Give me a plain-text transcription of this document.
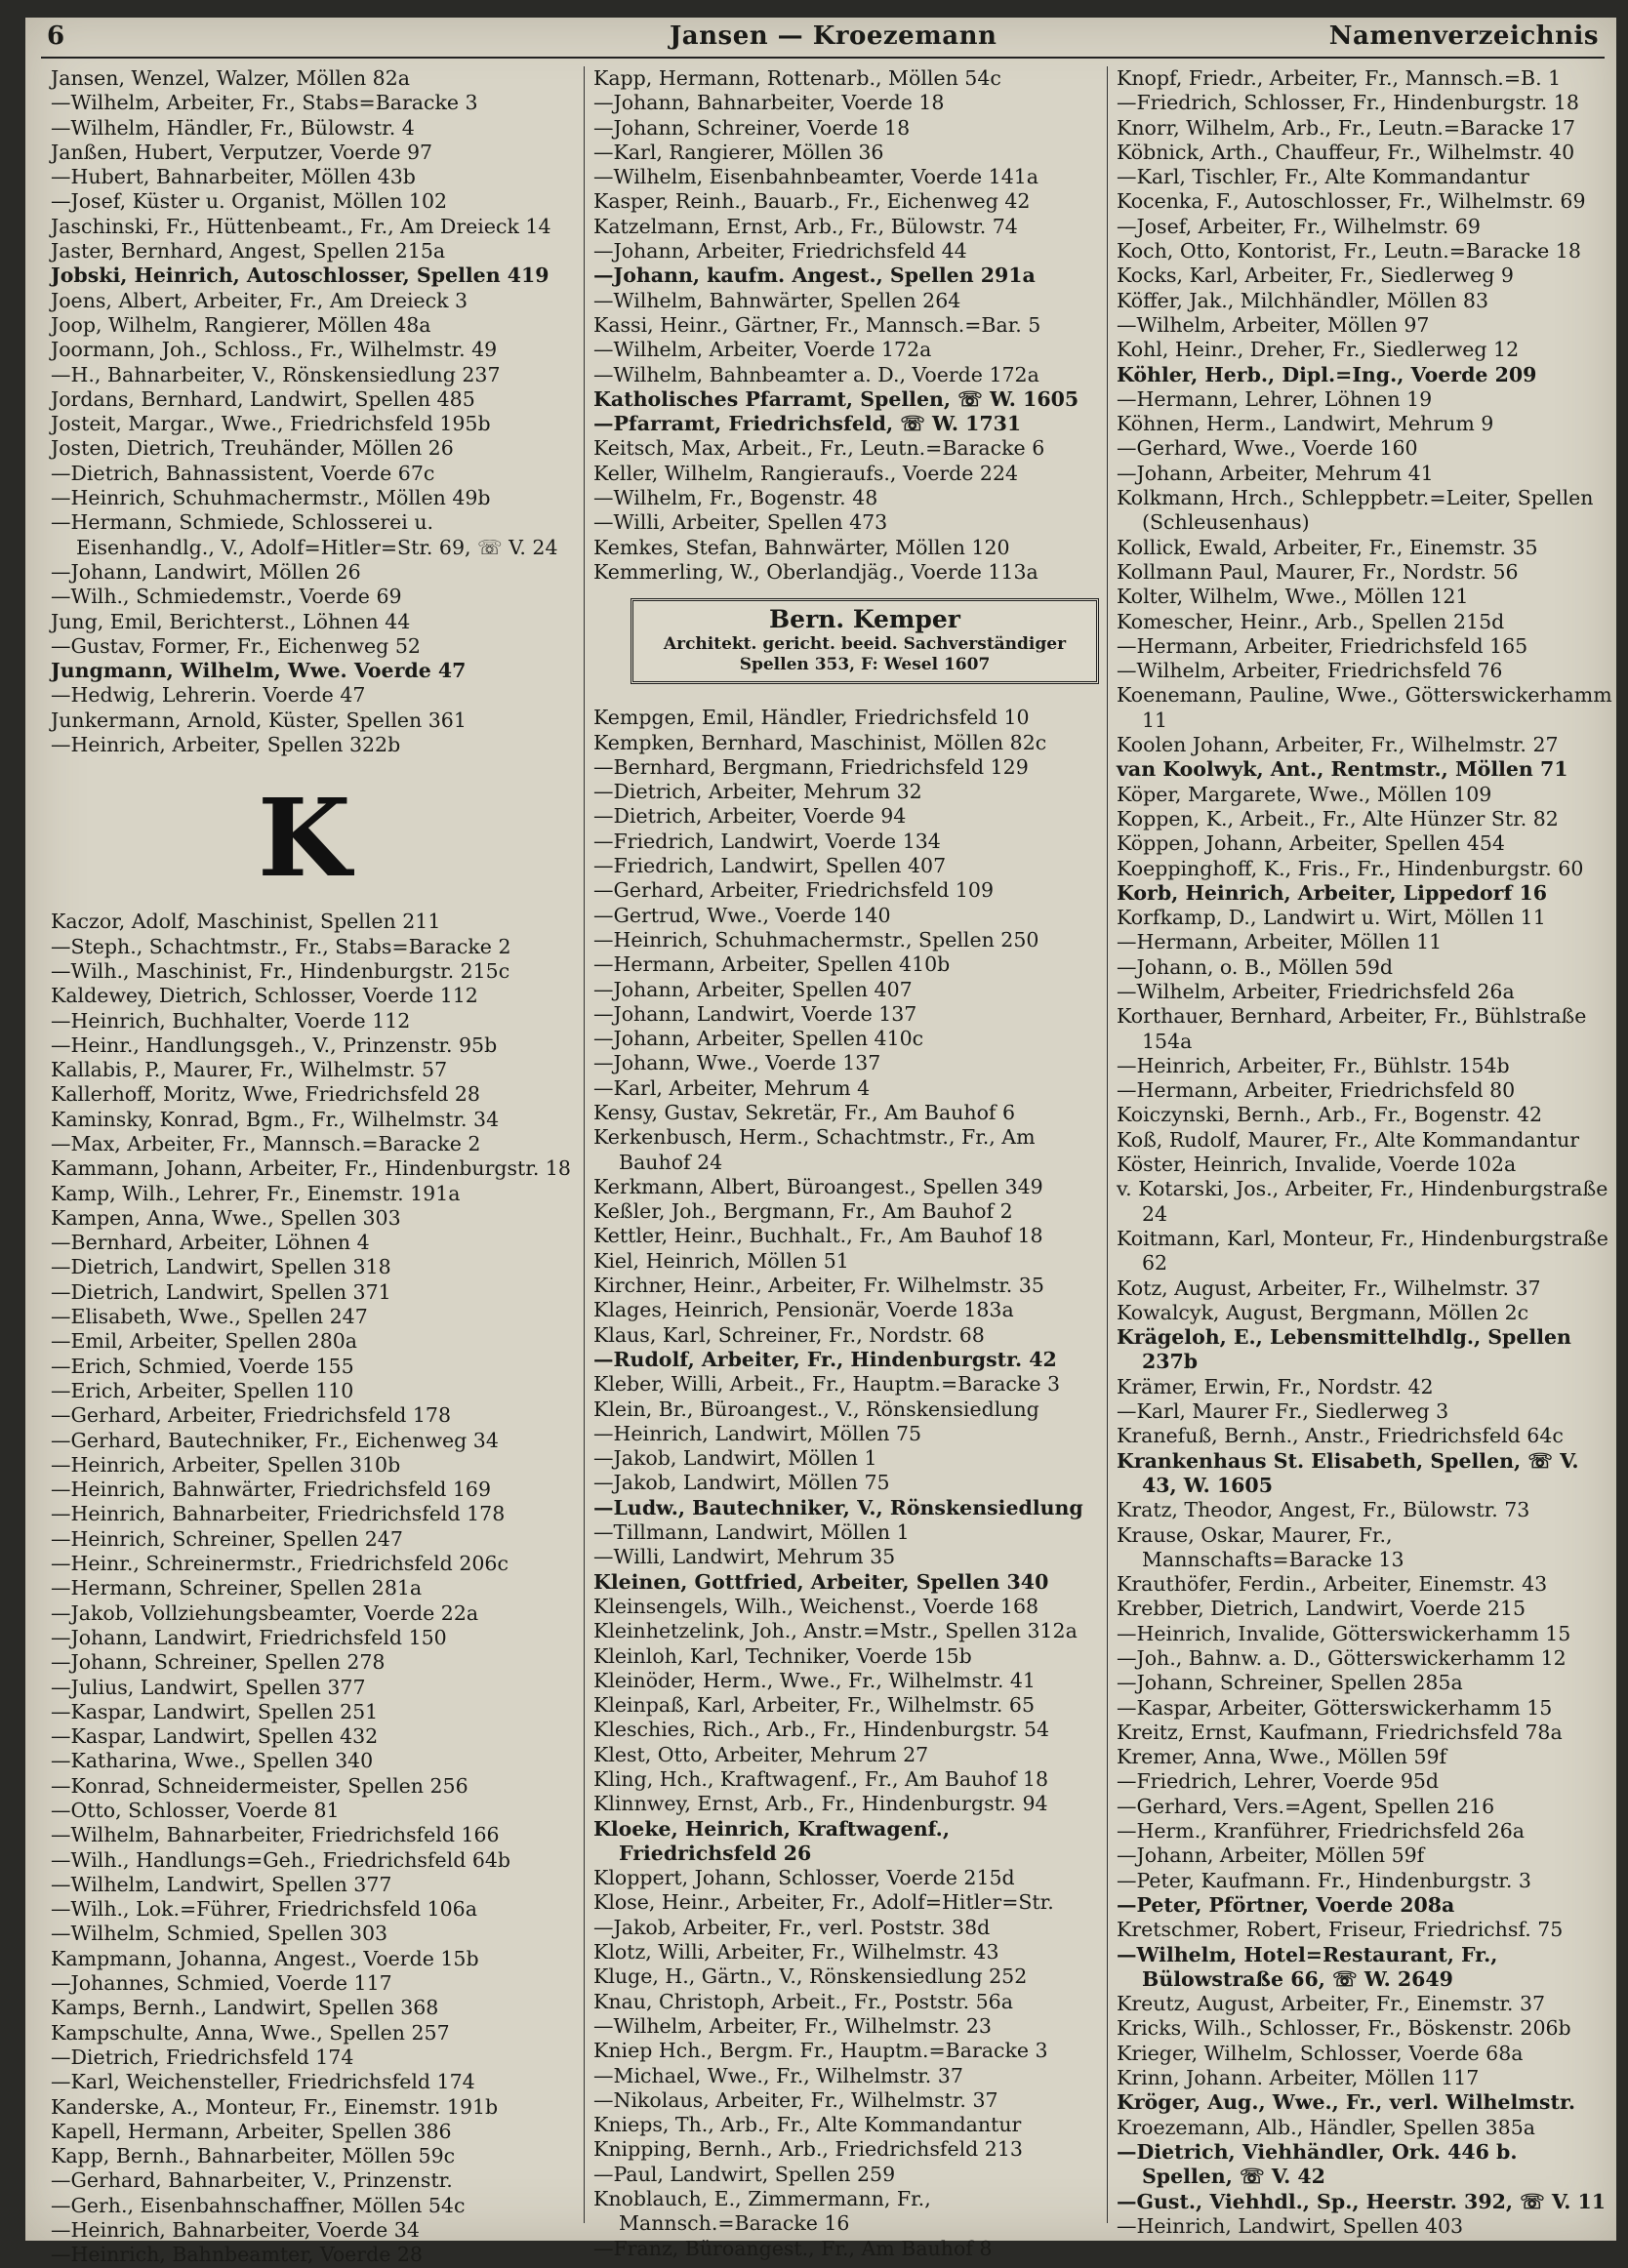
6	Jansen — Kroezemann	Namenverzeichnis
Jansen, Wenzel, Walzer, Möllen 82a
—Wilhelm, Arbeiter, Fr., Stabs=Baracke 3
—Wilhelm, Händler, Fr., Bülowstr. 4
Janßen, Hubert, Verputzer, Voerde 97
—Hubert, Bahnarbeiter, Möllen 43b
—Josef, Küster u. Organist, Möllen 102
Jaschinski, Fr., Hüttenbeamt., Fr., Am Dreieck 14
Jaster, Bernhard, Angest, Spellen 215a
Jobski, Heinrich, Autoschlosser, Spellen 419
Joens, Albert, Arbeiter, Fr., Am Dreieck 3
Joop, Wilhelm, Rangierer, Möllen 48a
Joormann, Joh., Schloss., Fr., Wilhelmstr. 49
—H., Bahnarbeiter, V., Rönskensiedlung 237
Jordans, Bernhard, Landwirt, Spellen 485
Josteit, Margar., Wwe., Friedrichsfeld 195b
Josten, Dietrich, Treuhänder, Möllen 26
—Dietrich, Bahnassistent, Voerde 67c
—Heinrich, Schuhmachermstr., Möllen 49b
—Hermann, Schmiede, Schlosserei u. Eisenhandlg., V., Adolf=Hitler=Str. 69, ☏ V. 24
—Johann, Landwirt, Möllen 26
—Wilh., Schmiedemstr., Voerde 69
Jung, Emil, Berichterst., Löhnen 44
—Gustav, Former, Fr., Eichenweg 52
Jungmann, Wilhelm, Wwe. Voerde 47
—Hedwig, Lehrerin. Voerde 47
Junkermann, Arnold, Küster, Spellen 361
—Heinrich, Arbeiter, Spellen 322b
K
Kaczor, Adolf, Maschinist, Spellen 211
—Steph., Schachtmstr., Fr., Stabs=Baracke 2
—Wilh., Maschinist, Fr., Hindenburgstr. 215c
Kaldewey, Dietrich, Schlosser, Voerde 112
—Heinrich, Buchhalter, Voerde 112
—Heinr., Handlungsgeh., V., Prinzenstr. 95b
Kallabis, P., Maurer, Fr., Wilhelmstr. 57
Kallerhoff, Moritz, Wwe, Friedrichsfeld 28
Kaminsky, Konrad, Bgm., Fr., Wilhelmstr. 34
—Max, Arbeiter, Fr., Mannsch.=Baracke 2
Kammann, Johann, Arbeiter, Fr., Hindenburgstr. 18
Kamp, Wilh., Lehrer, Fr., Einemstr. 191a
Kampen, Anna, Wwe., Spellen 303
—Bernhard, Arbeiter, Löhnen 4
—Dietrich, Landwirt, Spellen 318
—Dietrich, Landwirt, Spellen 371
—Elisabeth, Wwe., Spellen 247
—Emil, Arbeiter, Spellen 280a
—Erich, Schmied, Voerde 155
—Erich, Arbeiter, Spellen 110
—Gerhard, Arbeiter, Friedrichsfeld 178
—Gerhard, Bautechniker, Fr., Eichenweg 34
—Heinrich, Arbeiter, Spellen 310b
—Heinrich, Bahnwärter, Friedrichsfeld 169
—Heinrich, Bahnarbeiter, Friedrichsfeld 178
—Heinrich, Schreiner, Spellen 247
—Heinr., Schreinermstr., Friedrichsfeld 206c
—Hermann, Schreiner, Spellen 281a
—Jakob, Vollziehungsbeamter, Voerde 22a
—Johann, Landwirt, Friedrichsfeld 150
—Johann, Schreiner, Spellen 278
—Julius, Landwirt, Spellen 377
—Kaspar, Landwirt, Spellen 251
—Kaspar, Landwirt, Spellen 432
—Katharina, Wwe., Spellen 340
—Konrad, Schneidermeister, Spellen 256
—Otto, Schlosser, Voerde 81
—Wilhelm, Bahnarbeiter, Friedrichsfeld 166
—Wilh., Handlungs=Geh., Friedrichsfeld 64b
—Wilhelm, Landwirt, Spellen 377
—Wilh., Lok.=Führer, Friedrichsfeld 106a
—Wilhelm, Schmied, Spellen 303
Kampmann, Johanna, Angest., Voerde 15b
—Johannes, Schmied, Voerde 117
Kamps, Bernh., Landwirt, Spellen 368
Kampschulte, Anna, Wwe., Spellen 257
—Dietrich, Friedrichsfeld 174
—Karl, Weichensteller, Friedrichsfeld 174
Kanderske, A., Monteur, Fr., Einemstr. 191b
Kapell, Hermann, Arbeiter, Spellen 386
Kapp, Bernh., Bahnarbeiter, Möllen 59c
—Gerhard, Bahnarbeiter, V., Prinzenstr.
—Gerh., Eisenbahnschaffner, Möllen 54c
—Heinrich, Bahnarbeiter, Voerde 34
—Heinrich, Bahnbeamter, Voerde 28
Kapp, Hermann, Rottenarb., Möllen 54c
—Johann, Bahnarbeiter, Voerde 18
—Johann, Schreiner, Voerde 18
—Karl, Rangierer, Möllen 36
—Wilhelm, Eisenbahnbeamter, Voerde 141a
Kasper, Reinh., Bauarb., Fr., Eichenweg 42
Katzelmann, Ernst, Arb., Fr., Bülowstr. 74
—Johann, Arbeiter, Friedrichsfeld 44
—Johann, kaufm. Angest., Spellen 291a
—Wilhelm, Bahnwärter, Spellen 264
Kassi, Heinr., Gärtner, Fr., Mannsch.=Bar. 5
—Wilhelm, Arbeiter, Voerde 172a
—Wilhelm, Bahnbeamter a. D., Voerde 172a
Katholisches Pfarramt, Spellen, ☏ W. 1605
—Pfarramt, Friedrichsfeld, ☏ W. 1731
Keitsch, Max, Arbeit., Fr., Leutn.=Baracke 6
Keller, Wilhelm, Rangieraufs., Voerde 224
—Wilhelm, Fr., Bogenstr. 48
—Willi, Arbeiter, Spellen 473
Kemkes, Stefan, Bahnwärter, Möllen 120
Kemmerling, W., Oberlandjäg., Voerde 113a
Bern. Kemper
Architekt. gericht. beeid. Sachverständiger
Spellen 353, F: Wesel 1607
Kempgen, Emil, Händler, Friedrichsfeld 10
Kempken, Bernhard, Maschinist, Möllen 82c
—Bernhard, Bergmann, Friedrichsfeld 129
—Dietrich, Arbeiter, Mehrum 32
—Dietrich, Arbeiter, Voerde 94
—Friedrich, Landwirt, Voerde 134
—Friedrich, Landwirt, Spellen 407
—Gerhard, Arbeiter, Friedrichsfeld 109
—Gertrud, Wwe., Voerde 140
—Heinrich, Schuhmachermstr., Spellen 250
—Hermann, Arbeiter, Spellen 410b
—Johann, Arbeiter, Spellen 407
—Johann, Landwirt, Voerde 137
—Johann, Arbeiter, Spellen 410c
—Johann, Wwe., Voerde 137
—Karl, Arbeiter, Mehrum 4
Kensy, Gustav, Sekretär, Fr., Am Bauhof 6
Kerkenbusch, Herm., Schachtmstr., Fr., Am Bauhof 24
Kerkmann, Albert, Büroangest., Spellen 349
Keßler, Joh., Bergmann, Fr., Am Bauhof 2
Kettler, Heinr., Buchhalt., Fr., Am Bauhof 18
Kiel, Heinrich, Möllen 51
Kirchner, Heinr., Arbeiter, Fr. Wilhelmstr. 35
Klages, Heinrich, Pensionär, Voerde 183a
Klaus, Karl, Schreiner, Fr., Nordstr. 68
—Rudolf, Arbeiter, Fr., Hindenburgstr. 42
Kleber, Willi, Arbeit., Fr., Hauptm.=Baracke 3
Klein, Br., Büroangest., V., Rönskensiedlung
—Heinrich, Landwirt, Möllen 75
—Jakob, Landwirt, Möllen 1
—Jakob, Landwirt, Möllen 75
—Ludw., Bautechniker, V., Rönskensiedlung
—Tillmann, Landwirt, Möllen 1
—Willi, Landwirt, Mehrum 35
Kleinen, Gottfried, Arbeiter, Spellen 340
Kleinsengels, Wilh., Weichenst., Voerde 168
Kleinhetzelink, Joh., Anstr.=Mstr., Spellen 312a
Kleinloh, Karl, Techniker, Voerde 15b
Kleinöder, Herm., Wwe., Fr., Wilhelmstr. 41
Kleinpaß, Karl, Arbeiter, Fr., Wilhelmstr. 65
Kleschies, Rich., Arb., Fr., Hindenburgstr. 54
Klest, Otto, Arbeiter, Mehrum 27
Kling, Hch., Kraftwagenf., Fr., Am Bauhof 18
Klinnwey, Ernst, Arb., Fr., Hindenburgstr. 94
Kloeke, Heinrich, Kraftwagenf., Friedrichsfeld 26
Kloppert, Johann, Schlosser, Voerde 215d
Klose, Heinr., Arbeiter, Fr., Adolf=Hitler=Str.
—Jakob, Arbeiter, Fr., verl. Poststr. 38d
Klotz, Willi, Arbeiter, Fr., Wilhelmstr. 43
Kluge, H., Gärtn., V., Rönskensiedlung 252
Knau, Christoph, Arbeit., Fr., Poststr. 56a
—Wilhelm, Arbeiter, Fr., Wilhelmstr. 23
Kniep Hch., Bergm. Fr., Hauptm.=Baracke 3
—Michael, Wwe., Fr., Wilhelmstr. 37
—Nikolaus, Arbeiter, Fr., Wilhelmstr. 37
Knieps, Th., Arb., Fr., Alte Kommandantur
Knipping, Bernh., Arb., Friedrichsfeld 213
—Paul, Landwirt, Spellen 259
Knoblauch, E., Zimmermann, Fr., Mannsch.=Baracke 16
—Franz, Büroangest., Fr., Am Bauhof 8
Knopf, Friedr., Arbeiter, Fr., Mannsch.=B. 1
—Friedrich, Schlosser, Fr., Hindenburgstr. 18
Knorr, Wilhelm, Arb., Fr., Leutn.=Baracke 17
Köbnick, Arth., Chauffeur, Fr., Wilhelmstr. 40
—Karl, Tischler, Fr., Alte Kommandantur
Kocenka, F., Autoschlosser, Fr., Wilhelmstr. 69
—Josef, Arbeiter, Fr., Wilhelmstr. 69
Koch, Otto, Kontorist, Fr., Leutn.=Baracke 18
Kocks, Karl, Arbeiter, Fr., Siedlerweg 9
Köffer, Jak., Milchhändler, Möllen 83
—Wilhelm, Arbeiter, Möllen 97
Kohl, Heinr., Dreher, Fr., Siedlerweg 12
Köhler, Herb., Dipl.=Ing., Voerde 209
—Hermann, Lehrer, Löhnen 19
Köhnen, Herm., Landwirt, Mehrum 9
—Gerhard, Wwe., Voerde 160
—Johann, Arbeiter, Mehrum 41
Kolkmann, Hrch., Schleppbetr.=Leiter, Spellen (Schleusenhaus)
Kollick, Ewald, Arbeiter, Fr., Einemstr. 35
Kollmann Paul, Maurer, Fr., Nordstr. 56
Kolter, Wilhelm, Wwe., Möllen 121
Komescher, Heinr., Arb., Spellen 215d
—Hermann, Arbeiter, Friedrichsfeld 165
—Wilhelm, Arbeiter, Friedrichsfeld 76
Koenemann, Pauline, Wwe., Götterswickerhamm 11
Koolen Johann, Arbeiter, Fr., Wilhelmstr. 27
van Koolwyk, Ant., Rentmstr., Möllen 71
Köper, Margarete, Wwe., Möllen 109
Koppen, K., Arbeit., Fr., Alte Hünzer Str. 82
Köppen, Johann, Arbeiter, Spellen 454
Koeppinghoff, K., Fris., Fr., Hindenburgstr. 60
Korb, Heinrich, Arbeiter, Lippedorf 16
Korfkamp, D., Landwirt u. Wirt, Möllen 11
—Hermann, Arbeiter, Möllen 11
—Johann, o. B., Möllen 59d
—Wilhelm, Arbeiter, Friedrichsfeld 26a
Korthauer, Bernhard, Arbeiter, Fr., Bühlstraße 154a
—Heinrich, Arbeiter, Fr., Bühlstr. 154b
—Hermann, Arbeiter, Friedrichsfeld 80
Koiczynski, Bernh., Arb., Fr., Bogenstr. 42
Koß, Rudolf, Maurer, Fr., Alte Kommandantur
Köster, Heinrich, Invalide, Voerde 102a
v. Kotarski, Jos., Arbeiter, Fr., Hindenburgstraße 24
Koitmann, Karl, Monteur, Fr., Hindenburgstraße 62
Kotz, August, Arbeiter, Fr., Wilhelmstr. 37
Kowalcyk, August, Bergmann, Möllen 2c
Krägeloh, E., Lebensmittelhdlg., Spellen 237b
Krämer, Erwin, Fr., Nordstr. 42
—Karl, Maurer Fr., Siedlerweg 3
Kranefuß, Bernh., Anstr., Friedrichsfeld 64c
Krankenhaus St. Elisabeth, Spellen, ☏ V. 43, W. 1605
Kratz, Theodor, Angest, Fr., Bülowstr. 73
Krause, Oskar, Maurer, Fr., Mannschafts=Baracke 13
Krauthöfer, Ferdin., Arbeiter, Einemstr. 43
Krebber, Dietrich, Landwirt, Voerde 215
—Heinrich, Invalide, Götterswickerhamm 15
—Joh., Bahnw. a. D., Götterswickerhamm 12
—Johann, Schreiner, Spellen 285a
—Kaspar, Arbeiter, Götterswickerhamm 15
Kreitz, Ernst, Kaufmann, Friedrichsfeld 78a
Kremer, Anna, Wwe., Möllen 59f
—Friedrich, Lehrer, Voerde 95d
—Gerhard, Vers.=Agent, Spellen 216
—Herm., Kranführer, Friedrichsfeld 26a
—Johann, Arbeiter, Möllen 59f
—Peter, Kaufmann. Fr., Hindenburgstr. 3
—Peter, Pförtner, Voerde 208a
Kretschmer, Robert, Friseur, Friedrichsf. 75
—Wilhelm, Hotel=Restaurant, Fr., Bülowstraße 66, ☏ W. 2649
Kreutz, August, Arbeiter, Fr., Einemstr. 37
Kricks, Wilh., Schlosser, Fr., Böskenstr. 206b
Krieger, Wilhelm, Schlosser, Voerde 68a
Krinn, Johann. Arbeiter, Möllen 117
Kröger, Aug., Wwe., Fr., verl. Wilhelmstr.
Kroezemann, Alb., Händler, Spellen 385a
—Dietrich, Viehhändler, Ork. 446 b. Spellen, ☏ V. 42
—Gust., Viehhdl., Sp., Heerstr. 392, ☏ V. 11
—Heinrich, Landwirt, Spellen 403
